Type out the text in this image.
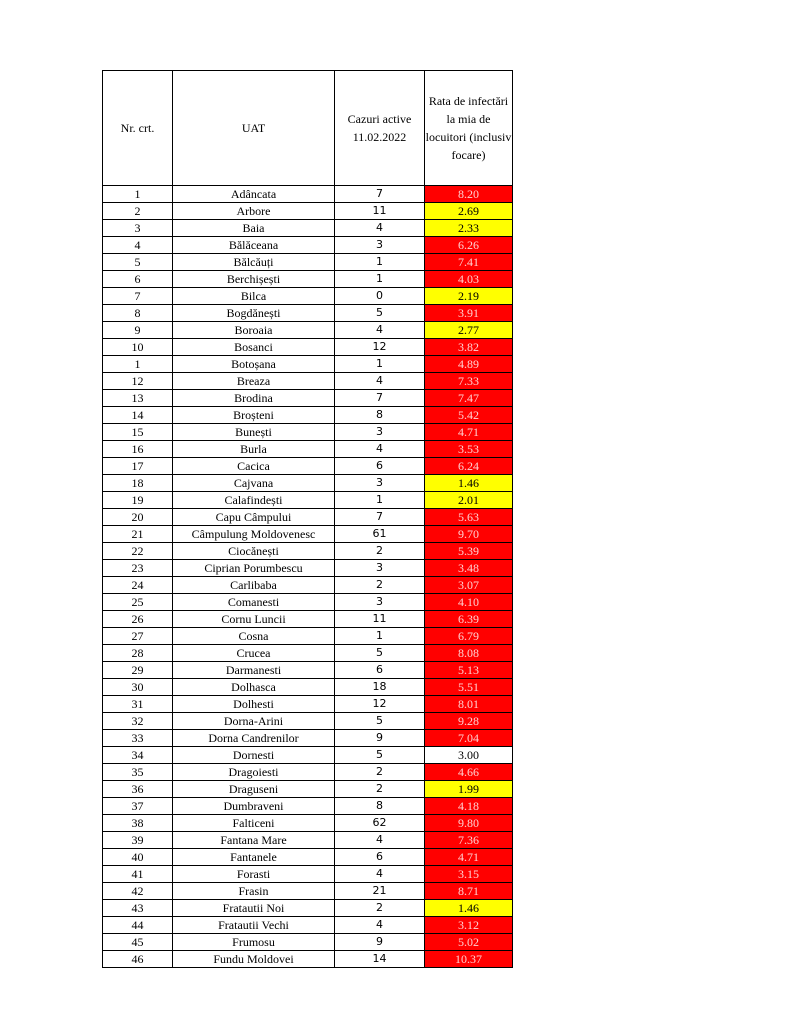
Nr. crt.	UAT	Cazuri active 11.02.2022	Rata de infectări la mia de locuitori (inclusiv focare)
1	Adâncata	7	8.20
2	Arbore	11	2.69
3	Baia	4	2.33
4	Bălăceana	3	6.26
5	Bălcăuți	1	7.41
6	Berchișești	1	4.03
7	Bilca	0	2.19
8	Bogdănești	5	3.91
9	Boroaia	4	2.77
10	Bosanci	12	3.82
1	Botoșana	1	4.89
12	Breaza	4	7.33
13	Brodina	7	7.47
14	Broșteni	8	5.42
15	Bunești	3	4.71
16	Burla	4	3.53
17	Cacica	6	6.24
18	Cajvana	3	1.46
19	Calafindești	1	2.01
20	Capu Câmpului	7	5.63
21	Câmpulung Moldovenesc	61	9.70
22	Ciocănești	2	5.39
23	Ciprian Porumbescu	3	3.48
24	Carlibaba	2	3.07
25	Comanesti	3	4.10
26	Cornu Luncii	11	6.39
27	Cosna	1	6.79
28	Crucea	5	8.08
29	Darmanesti	6	5.13
30	Dolhasca	18	5.51
31	Dolhesti	12	8.01
32	Dorna-Arini	5	9.28
33	Dorna Candrenilor	9	7.04
34	Dornesti	5	3.00
35	Dragoiesti	2	4.66
36	Draguseni	2	1.99
37	Dumbraveni	8	4.18
38	Falticeni	62	9.80
39	Fantana Mare	4	7.36
40	Fantanele	6	4.71
41	Forasti	4	3.15
42	Frasin	21	8.71
43	Fratautii Noi	2	1.46
44	Fratautii Vechi	4	3.12
45	Frumosu	9	5.02
46	Fundu Moldovei	14	10.37
